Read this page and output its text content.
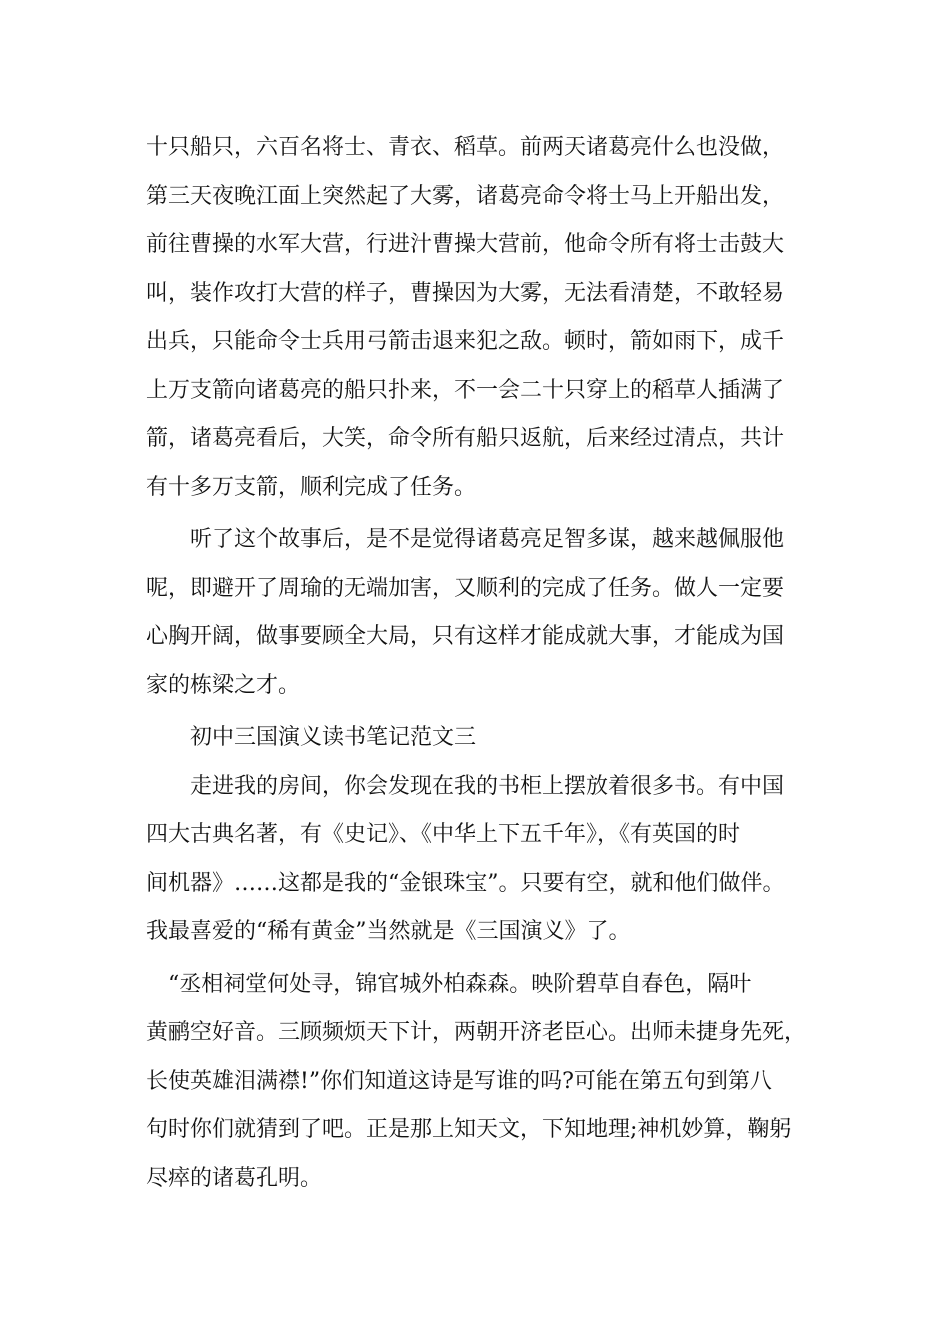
十只船只，六百名将士、青衣、稻草。前两天诸葛亮什么也没做，
第三天夜晚江面上突然起了大雾，诸葛亮命令将士马上开船出发，
前往曹操的水军大营，行进汁曹操大营前，他命令所有将士击鼓大
叫，装作攻打大营的样子，曹操因为大雾，无法看清楚，不敢轻易
出兵，只能命令士兵用弓箭击退来犯之敌。顿时，箭如雨下，成千
上万支箭向诸葛亮的船只扑来，不一会二十只穿上的稻草人插满了
箭，诸葛亮看后，大笑，命令所有船只返航，后来经过清点，共计
有十多万支箭，顺利完成了任务。

听了这个故事后，是不是觉得诸葛亮足智多谋，越来越佩服他
呢，即避开了周瑜的无端加害，又顺利的完成了任务。做人一定要
心胸开阔，做事要顾全大局，只有这样才能成就大事，才能成为国
家的栋梁之才。

初中三国演义读书笔记范文三

走进我的房间，你会发现在我的书柜上摆放着很多书。有中国
四大古典名著，有《史记》、《中华上下五千年》，《有英国的时
间机器》……这都是我的“金银珠宝”。只要有空，就和他们做伴。
我最喜爱的“稀有黄金”当然就是《三国演义》了。

“丞相祠堂何处寻，锦官城外柏森森。映阶碧草自春色，隔叶
黄鹂空好音。三顾频烦天下计，两朝开济老臣心。出师未捷身先死，
长使英雄泪满襟!”你们知道这诗是写谁的吗?可能在第五句到第八
句时你们就猜到了吧。正是那上知天文，下知地理;神机妙算，鞠躬
尽瘁的诸葛孔明。
